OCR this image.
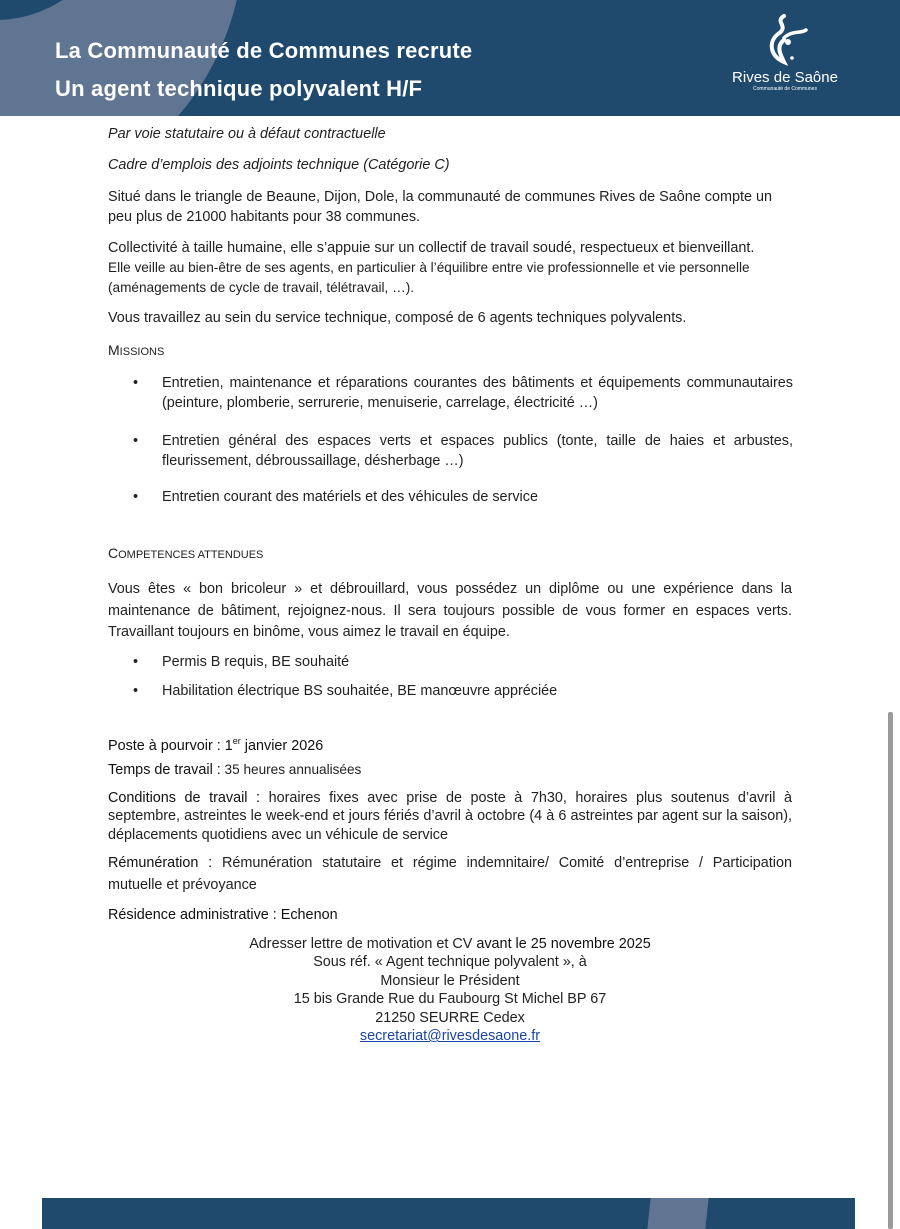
La Communauté de Communes recrute
Un agent technique polyvalent H/F	Rives de Saône
Communauté de Communes
Par voie statutaire ou à défaut contractuelle
Cadre d’emplois des adjoints technique (Catégorie C)
Situé dans le triangle de Beaune, Dijon, Dole, la communauté de communes Rives de Saône compte un peu plus de 21000 habitants pour 38 communes.
Collectivité à taille humaine, elle s’appuie sur un collectif de travail soudé, respectueux et bienveillant.
Elle veille au bien-être de ses agents, en particulier à l’équilibre entre vie professionnelle et vie personnelle (aménagements de cycle de travail, télétravail, …).
Vous travaillez au sein du service technique, composé de 6 agents techniques polyvalents.
MISSIONS
• Entretien, maintenance et réparations courantes des bâtiments et équipements communautaires (peinture, plomberie, serrurerie, menuiserie, carrelage, électricité …)
• Entretien général des espaces verts et espaces publics (tonte, taille de haies et arbustes, fleurissement, débroussaillage, désherbage …)
• Entretien courant des matériels et des véhicules de service
COMPETENCES ATTENDUES
Vous êtes « bon bricoleur » et débrouillard, vous possédez un diplôme ou une expérience dans la maintenance de bâtiment, rejoignez-nous. Il sera toujours possible de vous former en espaces verts. Travaillant toujours en binôme, vous aimez le travail en équipe.
• Permis B requis, BE souhaité
• Habilitation électrique BS souhaitée, BE manœuvre appréciée
Poste à pourvoir : 1er janvier 2026
Temps de travail : 35 heures annualisées
Conditions de travail : horaires fixes avec prise de poste à 7h30, horaires plus soutenus d’avril à septembre, astreintes le week-end et jours fériés d’avril à octobre (4 à 6 astreintes par agent sur la saison), déplacements quotidiens avec un véhicule de service
Rémunération : Rémunération statutaire et régime indemnitaire/ Comité d’entreprise / Participation mutuelle et prévoyance
Résidence administrative : Echenon
Adresser lettre de motivation et CV avant le 25 novembre 2025
Sous réf. « Agent technique polyvalent », à
Monsieur le Président
15 bis Grande Rue du Faubourg St Michel BP 67
21250 SEURRE Cedex
secretariat@rivesdesaone.fr
